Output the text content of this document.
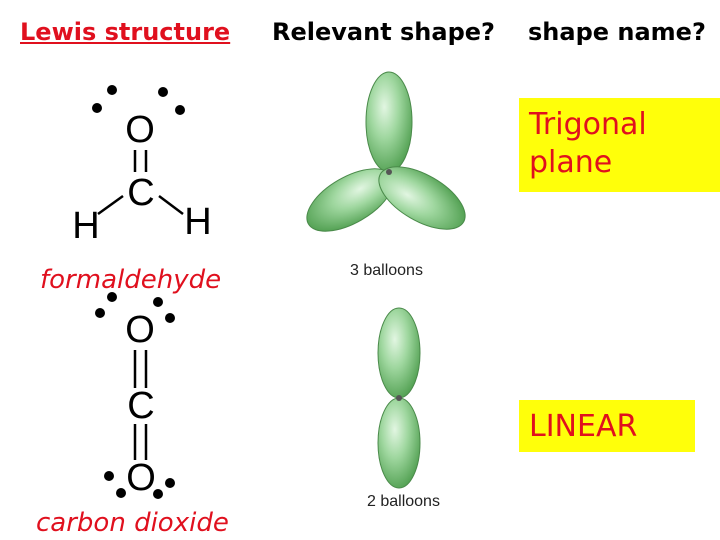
Lewis structure Relevant shape? shape name?
O
C
H H
O
C
O
3 balloons
2 balloons
formaldehyde
carbon dioxide
Trigonal plane
LINEAR
